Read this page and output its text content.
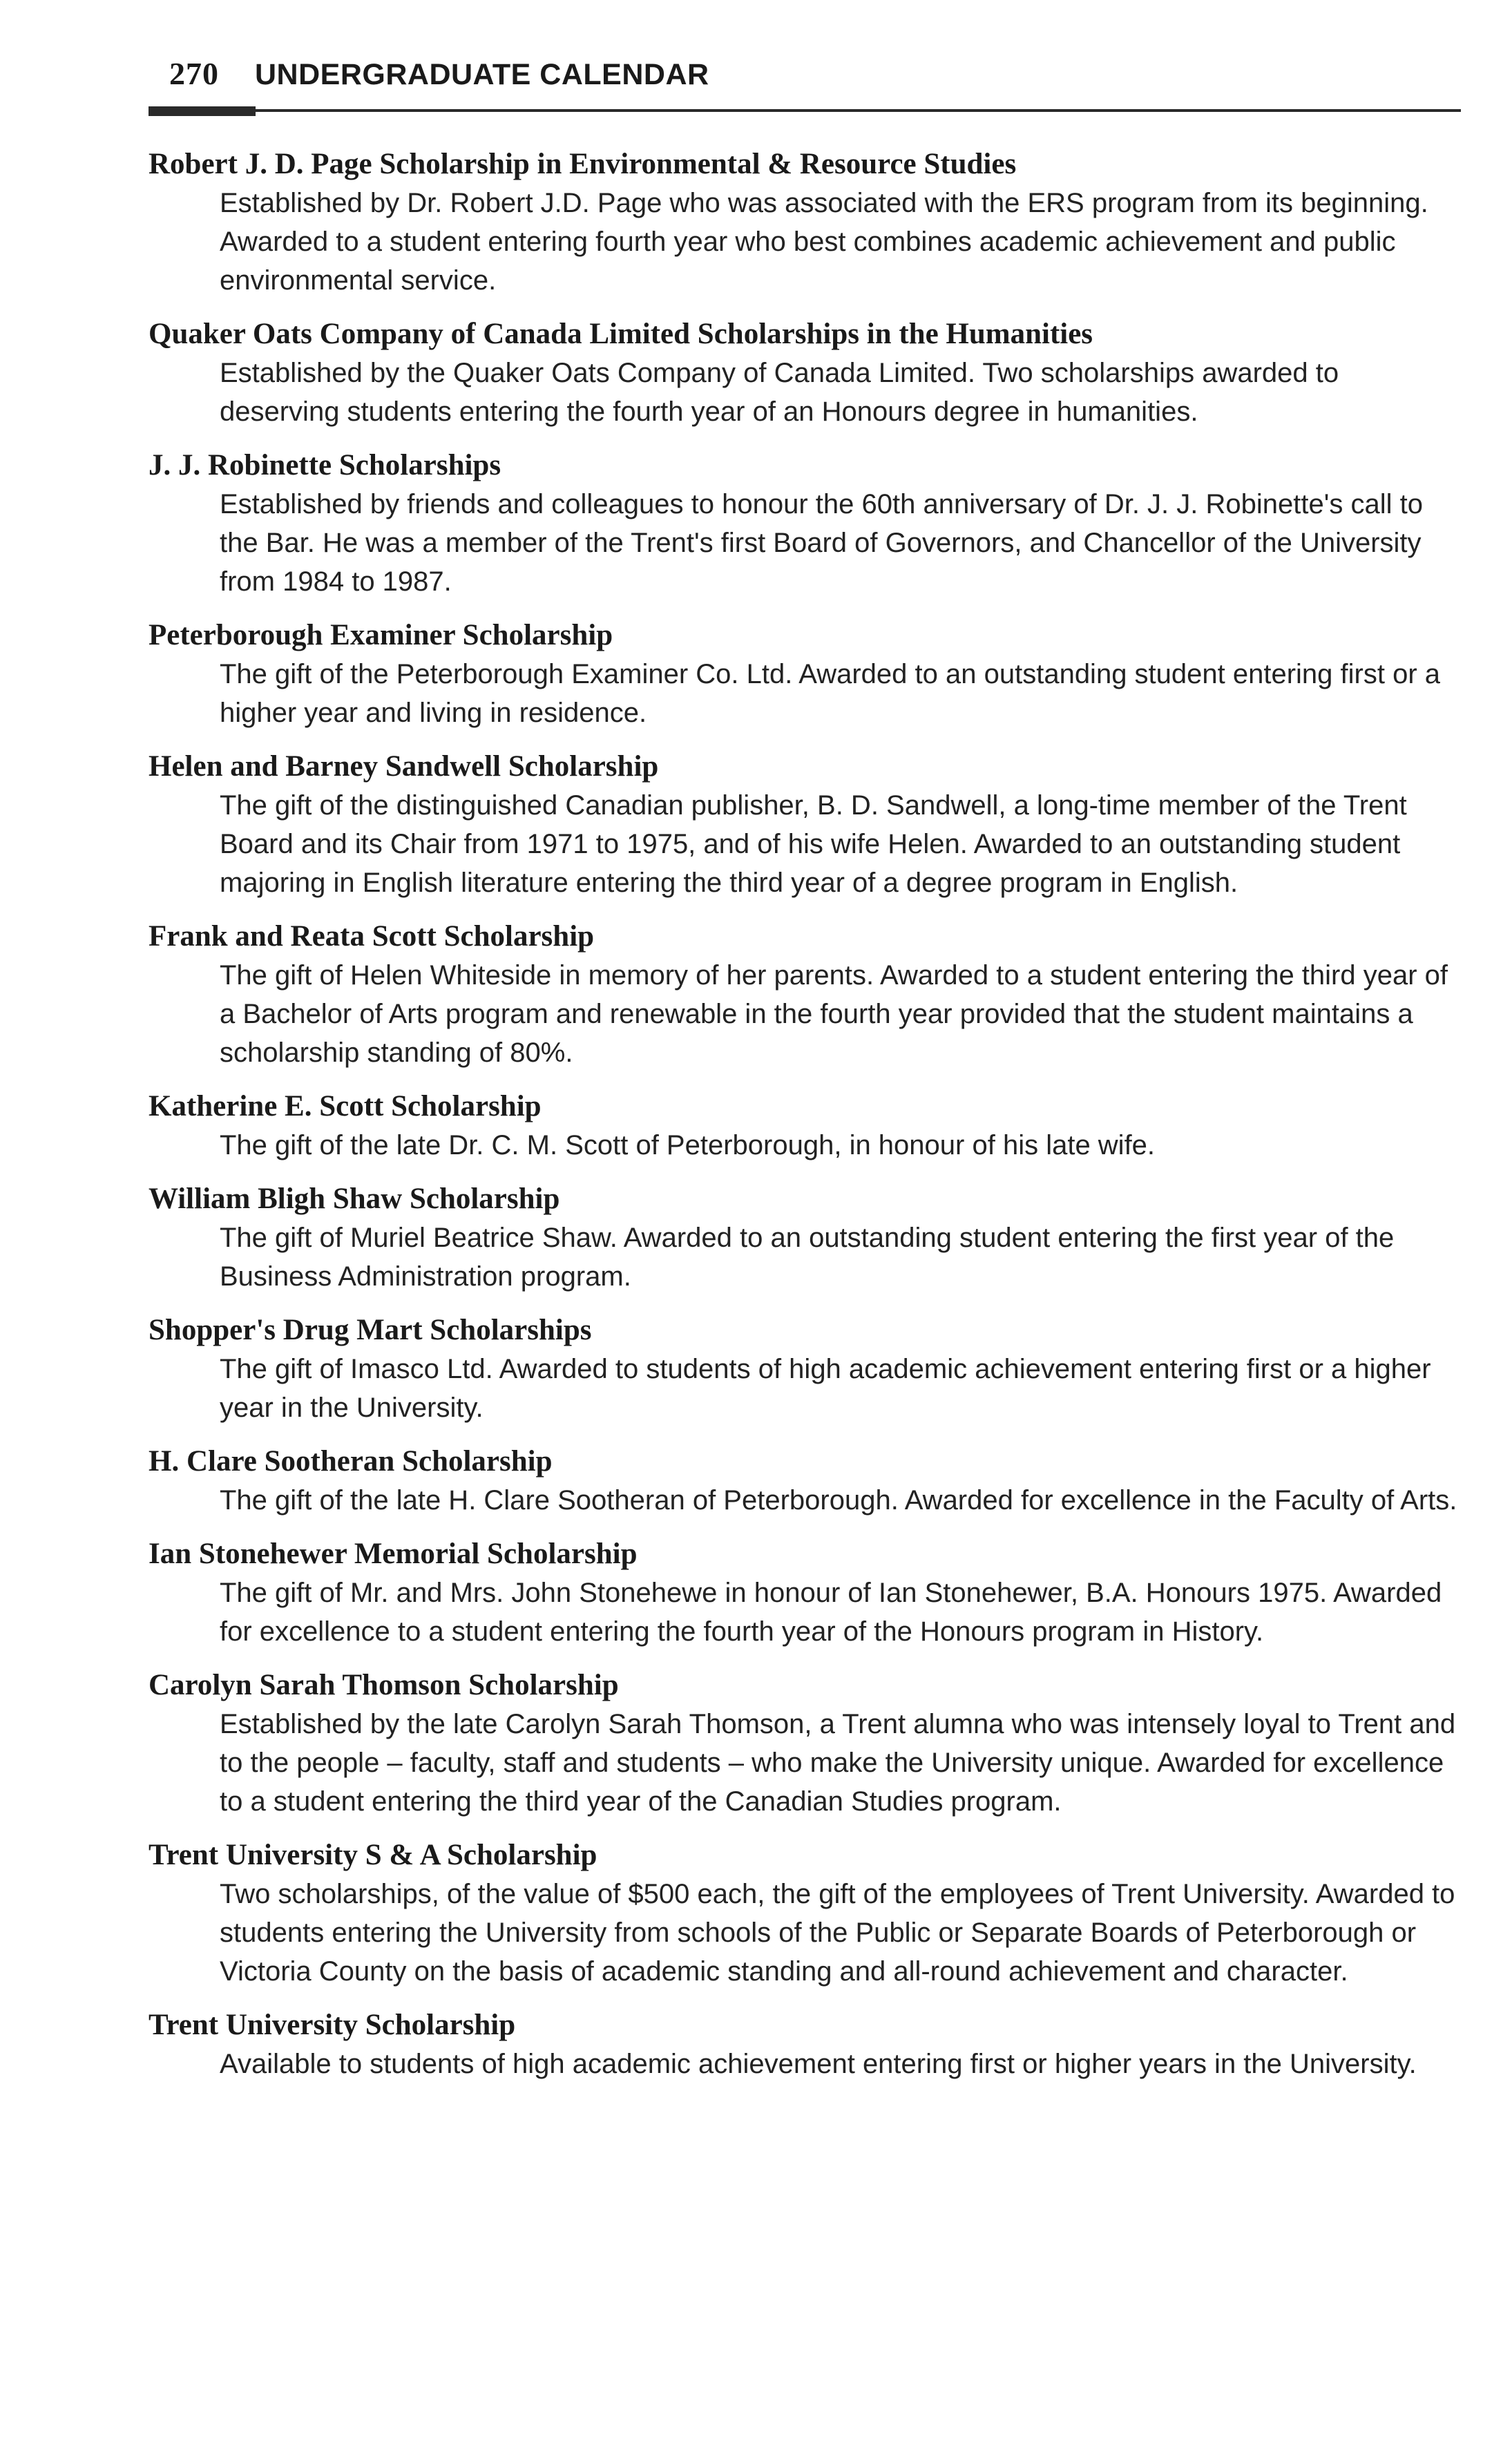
270 UNDERGRADUATE CALENDAR

Robert J. D. Page Scholarship in Environmental & Resource Studies

Established by Dr. Robert J.D. Page who was associated with the ERS program from its beginning. Awarded to a student entering fourth year who best combines academic achievement and public environmental service.

Quaker Oats Company of Canada Limited Scholarships in the Humanities

Established by the Quaker Oats Company of Canada Limited. Two scholarships awarded to deserving students entering the fourth year of an Honours degree in humanities.

J. J. Robinette Scholarships

Established by friends and colleagues to honour the 60th anniversary of Dr. J. J. Robinette's call to the Bar. He was a member of the Trent's first Board of Governors, and Chancellor of the University from 1984 to 1987.

Peterborough Examiner Scholarship

The gift of the Peterborough Examiner Co. Ltd. Awarded to an outstanding student entering first or a higher year and living in residence.

Helen and Barney Sandwell Scholarship

The gift of the distinguished Canadian publisher, B. D. Sandwell, a long-time member of the Trent Board and its Chair from 1971 to 1975, and of his wife Helen. Awarded to an outstanding student majoring in English literature entering the third year of a degree program in English.

Frank and Reata Scott Scholarship

The gift of Helen Whiteside in memory of her parents. Awarded to a student entering the third year of a Bachelor of Arts program and renewable in the fourth year provided that the student maintains a scholarship standing of 80%.

Katherine E. Scott Scholarship

The gift of the late Dr. C. M. Scott of Peterborough, in honour of his late wife.

William Bligh Shaw Scholarship

The gift of Muriel Beatrice Shaw. Awarded to an outstanding student entering the first year of the Business Administration program.

Shopper's Drug Mart Scholarships

The gift of Imasco Ltd. Awarded to students of high academic achievement entering first or a higher year in the University.

H. Clare Sootheran Scholarship

The gift of the late H. Clare Sootheran of Peterborough. Awarded for excellence in the Faculty of Arts.

Ian Stonehewer Memorial Scholarship

The gift of Mr. and Mrs. John Stonehewe in honour of Ian Stonehewer, B.A. Honours 1975. Awarded for excellence to a student entering the fourth year of the Honours program in History.

Carolyn Sarah Thomson Scholarship

Established by the late Carolyn Sarah Thomson, a Trent alumna who was intensely loyal to Trent and to the people – faculty, staff and students – who make the University unique. Awarded for excellence to a student entering the third year of the Canadian Studies program.

Trent University S & A Scholarship

Two scholarships, of the value of $500 each, the gift of the employees of Trent University. Awarded to students entering the University from schools of the Public or Separate Boards of Peterborough or Victoria County on the basis of academic standing and all-round achievement and character.

Trent University Scholarship

Available to students of high academic achievement entering first or higher years in the University.
